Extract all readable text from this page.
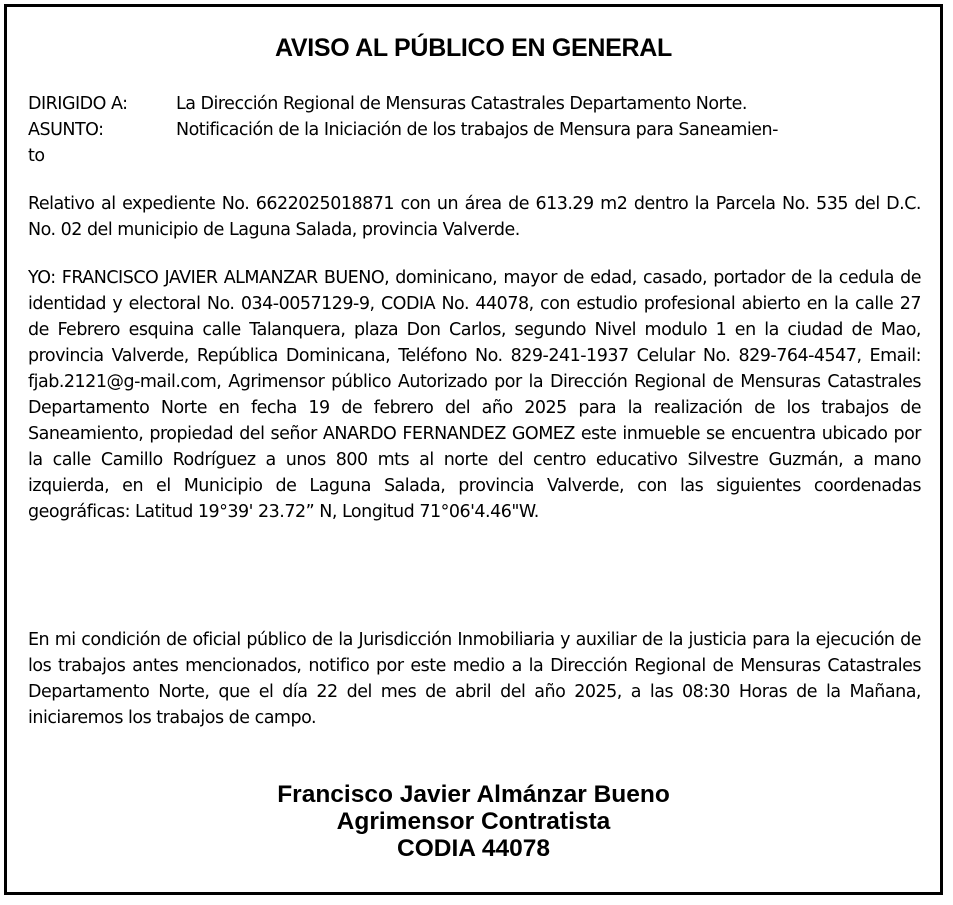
AVISO AL PÚBLICO EN GENERAL
DIRIGIDO A:	La Dirección Regional de Mensuras Catastrales Departamento Norte.
ASUNTO:	Notificación de la Iniciación de los trabajos de Mensura para Saneamien-
to

Relativo al expediente No. 6622025018871 con un área de 613.29 m2 dentro la Parcela No. 535 del D.C. No. 02 del municipio de Laguna Salada, provincia Valverde.

YO: FRANCISCO JAVIER ALMANZAR BUENO, dominicano, mayor de edad, casado, portador de la cedula de identidad y electoral No. 034-0057129-9, CODIA No. 44078, con estudio profesional abierto en la calle 27 de Febrero esquina calle Talanquera, plaza Don Carlos, segundo Nivel modulo 1 en la ciudad de Mao, provincia Valverde, República Dominicana, Teléfono No. 829-241-1937 Celular No. 829-764-4547, Email: fjab.2121@g-mail.com, Agrimensor público Autorizado por la Dirección Regional de Mensuras Catastrales Departamento Norte en fecha 19 de febrero del año 2025 para la realización de los trabajos de Saneamiento, propiedad del señor ANARDO FERNANDEZ GOMEZ este inmueble se encuentra ubicado por la calle Camillo Rodríguez a unos 800 mts al norte del centro educativo Silvestre Guzmán, a mano izquierda, en el Municipio de Laguna Salada, provincia Valverde, con las siguientes coordenadas geográficas: Latitud 19°39' 23.72” N, Longitud 71°06'4.46"W.

En mi condición de oficial público de la Jurisdicción Inmobiliaria y auxiliar de la justicia para la ejecución de los trabajos antes mencionados, notifico por este medio a la Dirección Regional de Mensuras Catastrales Departamento Norte, que el día 22 del mes de abril del año 2025, a las 08:30 Horas de la Mañana, iniciaremos los trabajos de campo.

Francisco Javier Almánzar Bueno
Agrimensor Contratista
CODIA 44078
